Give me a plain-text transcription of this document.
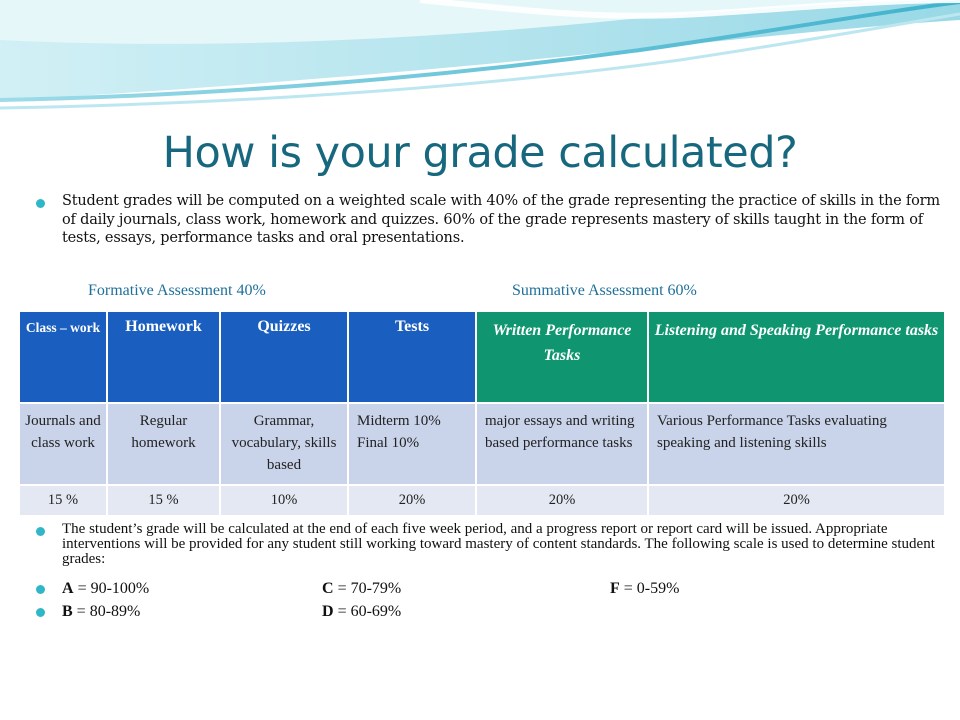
How is your grade calculated?
Student grades will be computed on a weighted scale with 40% of the grade representing the practice of skills in the form of daily journals, class work, homework and quizzes. 60% of the grade represents mastery of skills taught in the form of tests, essays, performance tasks and oral presentations.
Formative Assessment 40%	Summative Assessment 60%
Class – work	Homework	Quizzes	Tests	Written Performance Tasks	Listening and Speaking Performance tasks
Journals and class work	Regular homework	Grammar, vocabulary, skills based	Midterm 10% Final 10%	major essays and writing based performance tasks	Various Performance Tasks evaluating speaking and listening skills
15 %	15 %	10%	20%	20%	20%
The student’s grade will be calculated at the end of each five week period, and a progress report or report card will be issued. Appropriate interventions will be provided for any student still working toward mastery of content standards. The following scale is used to determine student grades:
A = 90-100%	C = 70-79%	F = 0-59%
B = 80-89%	D = 60-69%
